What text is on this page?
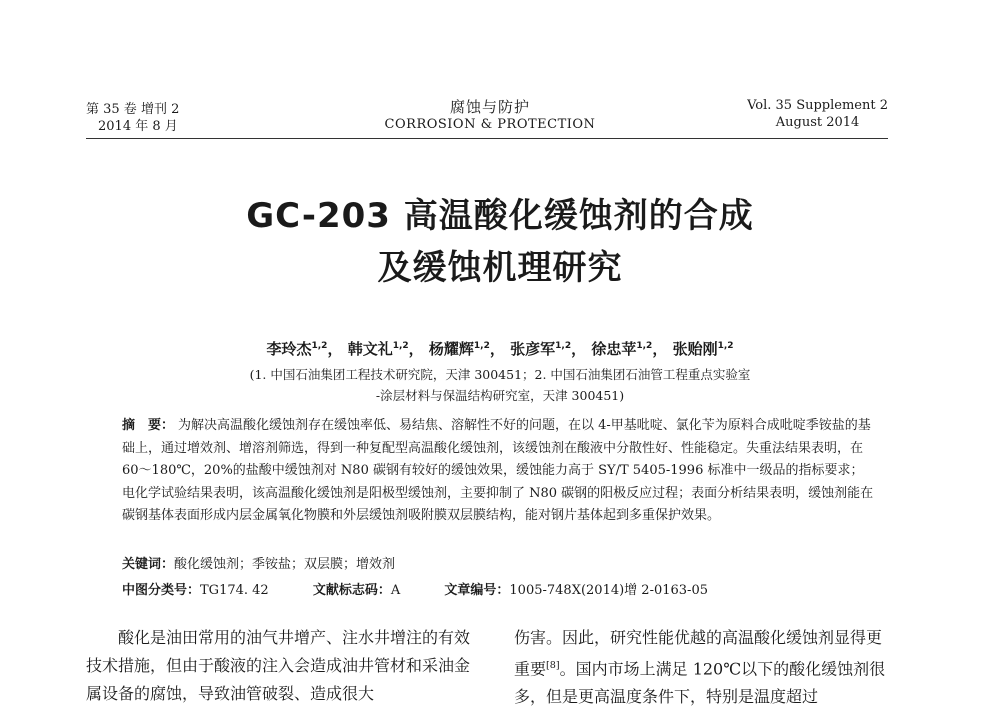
第 35 卷 增刊 2
2014 年 8 月
腐蚀与防护
CORROSION & PROTECTION
Vol. 35 Supplement 2
August 2014
GC-203 高温酸化缓蚀剂的合成
及缓蚀机理研究
李玲杰$^{1,2}$， 韩文礼$^{1,2}$， 杨耀辉$^{1,2}$， 张彦军$^{1,2}$， 徐忠苹$^{1,2}$， 张贻刚$^{1,2}$
(1. 中国石油集团工程技术研究院，天津 300451；2. 中国石油集团石油管工程重点实验室
-涂层材料与保温结构研究室，天津 300451)
摘　要： 为解决高温酸化缓蚀剂存在缓蚀率低、易结焦、溶解性不好的问题，在以 4-甲基吡啶、氯化苄为原料合成吡啶季铵盐的基础上，通过增效剂、增溶剂筛选，得到一种复配型高温酸化缓蚀剂，该缓蚀剂在酸液中分散性好、性能稳定。失重法结果表明，在 60～180℃，20%的盐酸中缓蚀剂对 N80 碳钢有较好的缓蚀效果，缓蚀能力高于 SY/T 5405-1996 标准中一级品的指标要求；电化学试验结果表明，该高温酸化缓蚀剂是阳极型缓蚀剂，主要抑制了 N80 碳钢的阳极反应过程；表面分析结果表明，缓蚀剂能在碳钢基体表面形成内层金属氧化物膜和外层缓蚀剂吸附膜双层膜结构，能对钢片基体起到多重保护效果。
关键词：酸化缓蚀剂；季铵盐；双层膜；增效剂
中图分类号：TG174. 42	文献标志码：A	文章编号：1005-748X(2014)增 2-0163-05
酸化是油田常用的油气井增产、注水井增注的有效技术措施，但由于酸液的注入会造成油井管材和采油金属设备的腐蚀，导致油管破裂、造成很大
伤害。因此，研究性能优越的高温酸化缓蚀剂显得更重要[8]。国内市场上满足 120℃以下的酸化缓蚀剂很多，但是更高温度条件下，特别是温度超过
